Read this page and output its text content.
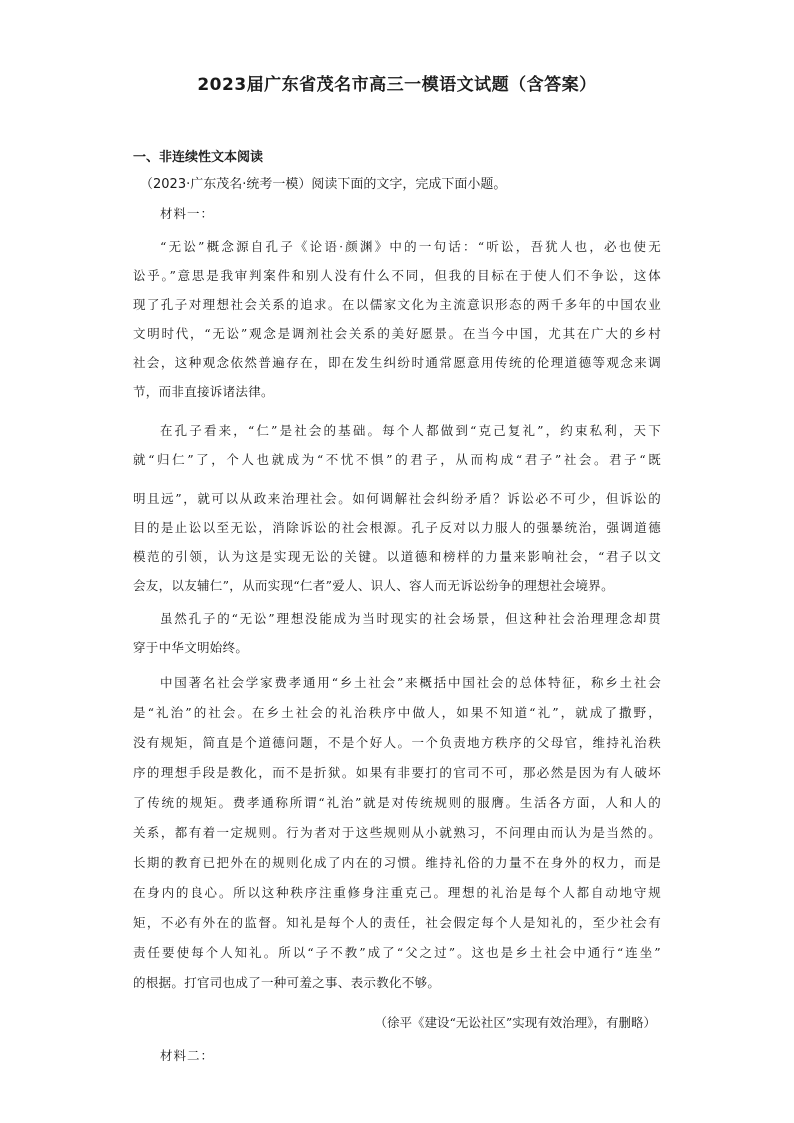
2023届广东省茂名市高三一模语文试题（含答案）
一、非连续性文本阅读
（2023·广东茂名·统考一模）阅读下面的文字，完成下面小题。
材料一：
“无讼”概念源自孔子《论语·颜渊》中的一句话：“听讼，吾犹人也，必也使无
讼乎。”意思是我审判案件和别人没有什么不同，但我的目标在于使人们不争讼，这体
现了孔子对理想社会关系的追求。在以儒家文化为主流意识形态的两千多年的中国农业
文明时代，“无讼”观念是调剂社会关系的美好愿景。在当今中国，尤其在广大的乡村
社会，这种观念依然普遍存在，即在发生纠纷时通常愿意用传统的伦理道德等观念来调
节，而非直接诉诸法律。
在孔子看来，“仁”是社会的基础。每个人都做到“克己复礼”，约束私利，天下
就“归仁”了，个人也就成为“不忧不惧”的君子，从而构成“君子”社会。君子“既
明且远”，就可以从政来治理社会。如何调解社会纠纷矛盾？诉讼必不可少，但诉讼的
目的是止讼以至无讼，消除诉讼的社会根源。孔子反对以力服人的强暴统治，强调道德
模范的引领，认为这是实现无讼的关键。以道德和榜样的力量来影响社会，“君子以文
会友，以友辅仁”，从而实现“仁者”爱人、识人、容人而无诉讼纷争的理想社会境界。
虽然孔子的“无讼”理想没能成为当时现实的社会场景，但这种社会治理理念却贯
穿于中华文明始终。
中国著名社会学家费孝通用“乡土社会”来概括中国社会的总体特征，称乡土社会
是“礼治”的社会。在乡土社会的礼治秩序中做人，如果不知道“礼”，就成了撒野，
没有规矩，简直是个道德问题，不是个好人。一个负责地方秩序的父母官，维持礼治秩
序的理想手段是教化，而不是折狱。如果有非要打的官司不可，那必然是因为有人破坏
了传统的规矩。费孝通称所谓“礼治”就是对传统规则的服膺。生活各方面，人和人的
关系，都有着一定规则。行为者对于这些规则从小就熟习，不问理由而认为是当然的。
长期的教育已把外在的规则化成了内在的习惯。维持礼俗的力量不在身外的权力，而是
在身内的良心。所以这种秩序注重修身注重克己。理想的礼治是每个人都自动地守规
矩，不必有外在的监督。知礼是每个人的责任，社会假定每个人是知礼的，至少社会有
责任要使每个人知礼。所以“子不教”成了“父之过”。这也是乡土社会中通行“连坐”
的根据。打官司也成了一种可羞之事、表示教化不够。
（徐平《建设“无讼社区”实现有效治理》，有删略）
材料二：
